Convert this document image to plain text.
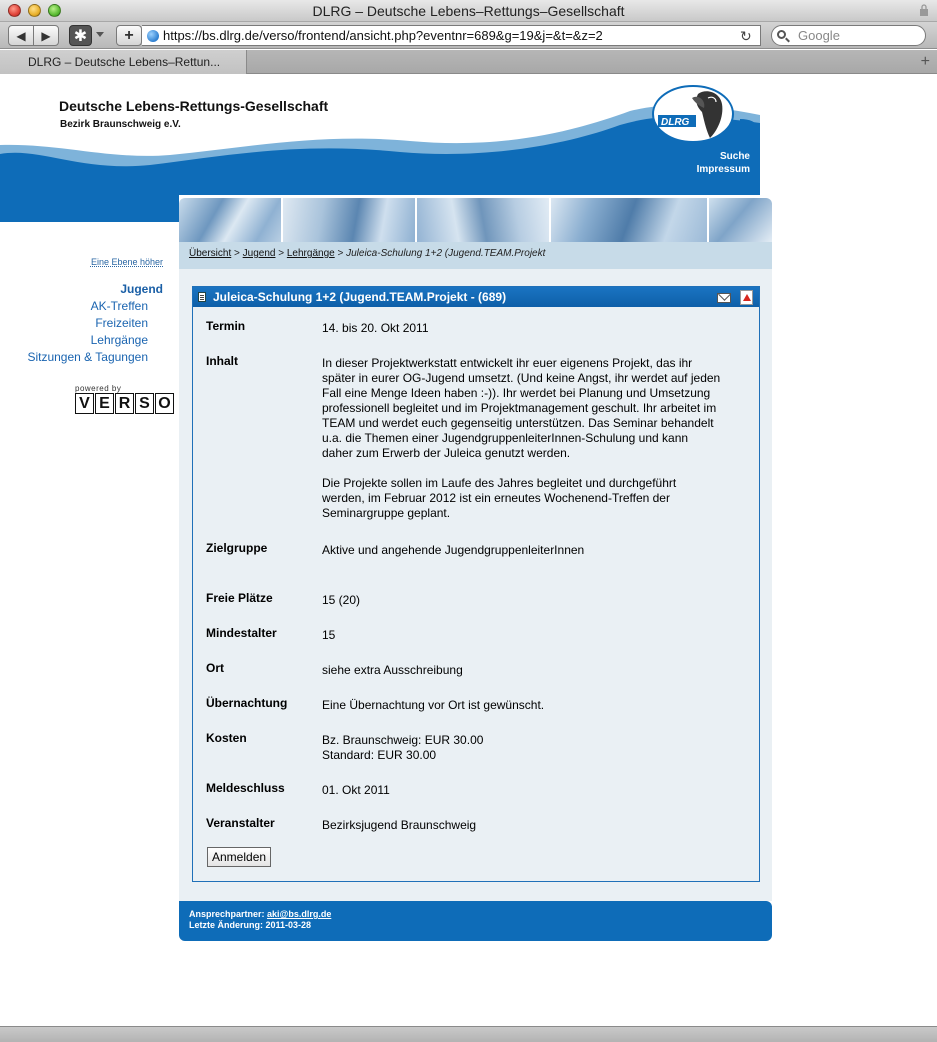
DLRG – Deutsche Lebens–Rettungs–Gesellschaft
◀	▶	✱	+	https://bs.dlrg.de/verso/frontend/ansicht.php?eventnr=689&g=19&j=&t=&z=2	↻	Google
DLRG – Deutsche Lebens–Rettun...	+
Deutsche Lebens-Rettungs-Gesellschaft
Bezirk Braunschweig e.V.	DLRG
Suche
Impressum
Übersicht > Jugend > Lehrgänge > Juleica-Schulung 1+2 (Jugend.TEAM.Projekt
Eine Ebene höher
Jugend
AK-Treffen
Freizeiten
Lehrgänge
Sitzungen & Tagungen
powered by
V E R S O
Juleica-Schulung 1+2 (Jugend.TEAM.Projekt - (689)
Termin	14. bis 20. Okt 2011
Inhalt	In dieser Projektwerkstatt entwickelt ihr euer eigenens Projekt, das ihr später in eurer OG-Jugend umsetzt. (Und keine Angst, ihr werdet auf jeden Fall eine Menge Ideen haben :-)). Ihr werdet bei Planung und Umsetzung professionell begleitet und im Projektmanagement geschult. Ihr arbeitet im TEAM und werdet euch gegenseitig unterstützen. Das Seminar behandelt u.a. die Themen einer JugendgruppenleiterInnen-Schulung und kann daher zum Erwerb der Juleica genutzt werden.
Die Projekte sollen im Laufe des Jahres begleitet und durchgeführt werden, im Februar 2012 ist ein erneutes Wochenend-Treffen der Seminargruppe geplant.
Zielgruppe	Aktive und angehende JugendgruppenleiterInnen
Freie Plätze	15 (20)
Mindestalter	15
Ort	siehe extra Ausschreibung
Übernachtung	Eine Übernachtung vor Ort ist gewünscht.
Kosten	Bz. Braunschweig: EUR 30.00
Standard: EUR 30.00
Meldeschluss	01. Okt 2011
Veranstalter	Bezirksjugend Braunschweig
Anmelden
Ansprechpartner: aki@bs.dlrg.de
Letzte Änderung: 2011-03-28
